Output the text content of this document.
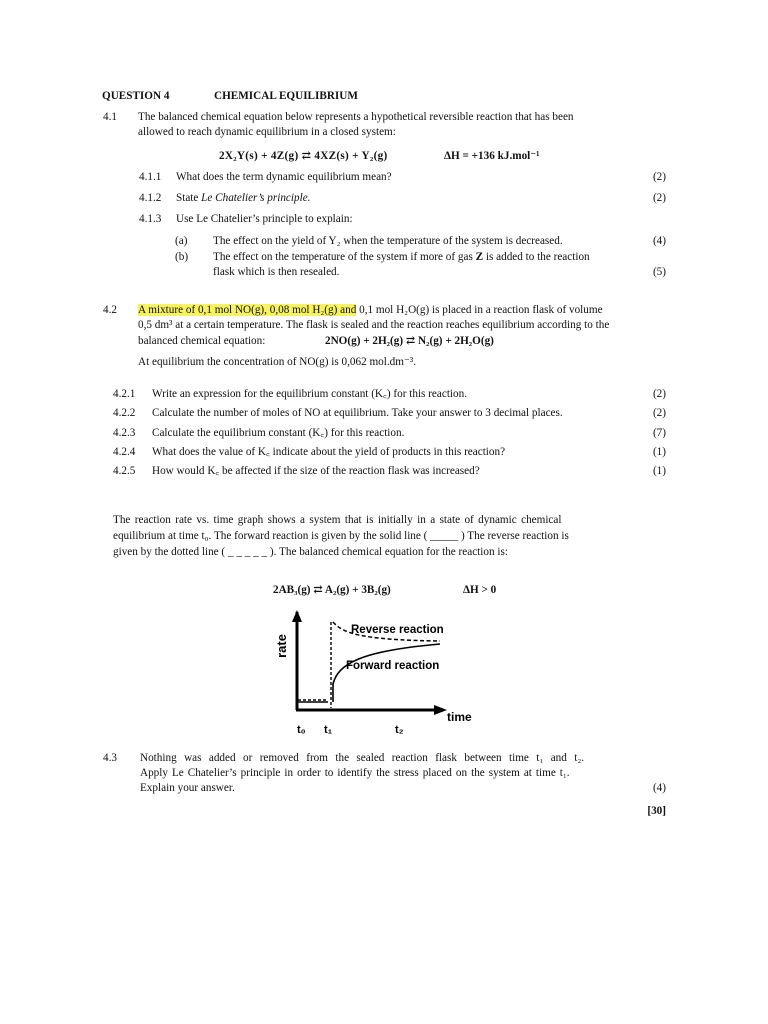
QUESTION 4	CHEMICAL EQUILIBRIUM
4.1 The balanced chemical equation below represents a hypothetical reversible reaction that has been
allowed to reach dynamic equilibrium in a closed system:
2X₂Y(s) + 4Z(g) ⇄ 4XZ(s) + Y₂(g)	ΔH = +136 kJ.mol⁻¹
4.1.1 What does the term dynamic equilibrium mean?	(2)
4.1.2 State Le Chatelier’s principle.	(2)
4.1.3 Use Le Chatelier’s principle to explain:
(a) The effect on the yield of Y₂ when the temperature of the system is decreased.	(4)
(b) The effect on the temperature of the system if more of gas Z is added to the reaction
flask which is then resealed.	(5)
4.2 A mixture of 0,1 mol NO(g), 0,08 mol H₂(g) and 0,1 mol H₂O(g) is placed in a reaction flask of volume
0,5 dm³ at a certain temperature. The flask is sealed and the reaction reaches equilibrium according to the
balanced chemical equation:	2NO(g) + 2H₂(g) ⇄ N₂(g) + 2H₂O(g)
At equilibrium the concentration of NO(g) is 0,062 mol.dm⁻³.
4.2.1 Write an expression for the equilibrium constant (K꜀) for this reaction.	(2)
4.2.2 Calculate the number of moles of NO at equilibrium. Take your answer to 3 decimal places.	(2)
4.2.3 Calculate the equilibrium constant (K꜀) for this reaction.	(7)
4.2.4 What does the value of K꜀ indicate about the yield of products in this reaction?	(1)
4.2.5 How would K꜀ be affected if the size of the reaction flask was increased?	(1)
The reaction rate vs. time graph shows a system that is initially in a state of dynamic chemical
equilibrium at time t₀. The forward reaction is given by the solid line ( _____ ) The reverse reaction is
given by the dotted line ( _ _ _ _ _ ). The balanced chemical equation for the reaction is:
2AB₃(g) ⇄ A₂(g) + 3B₂(g)	ΔH > 0
rate
time
Reverse reaction
Forward reaction
t₀ t₁	t₂
4.3 Nothing was added or removed from the sealed reaction flask between time t₁ and t₂.
Apply Le Chatelier’s principle in order to identify the stress placed on the system at time t₁.
Explain your answer.	(4)
[30]
